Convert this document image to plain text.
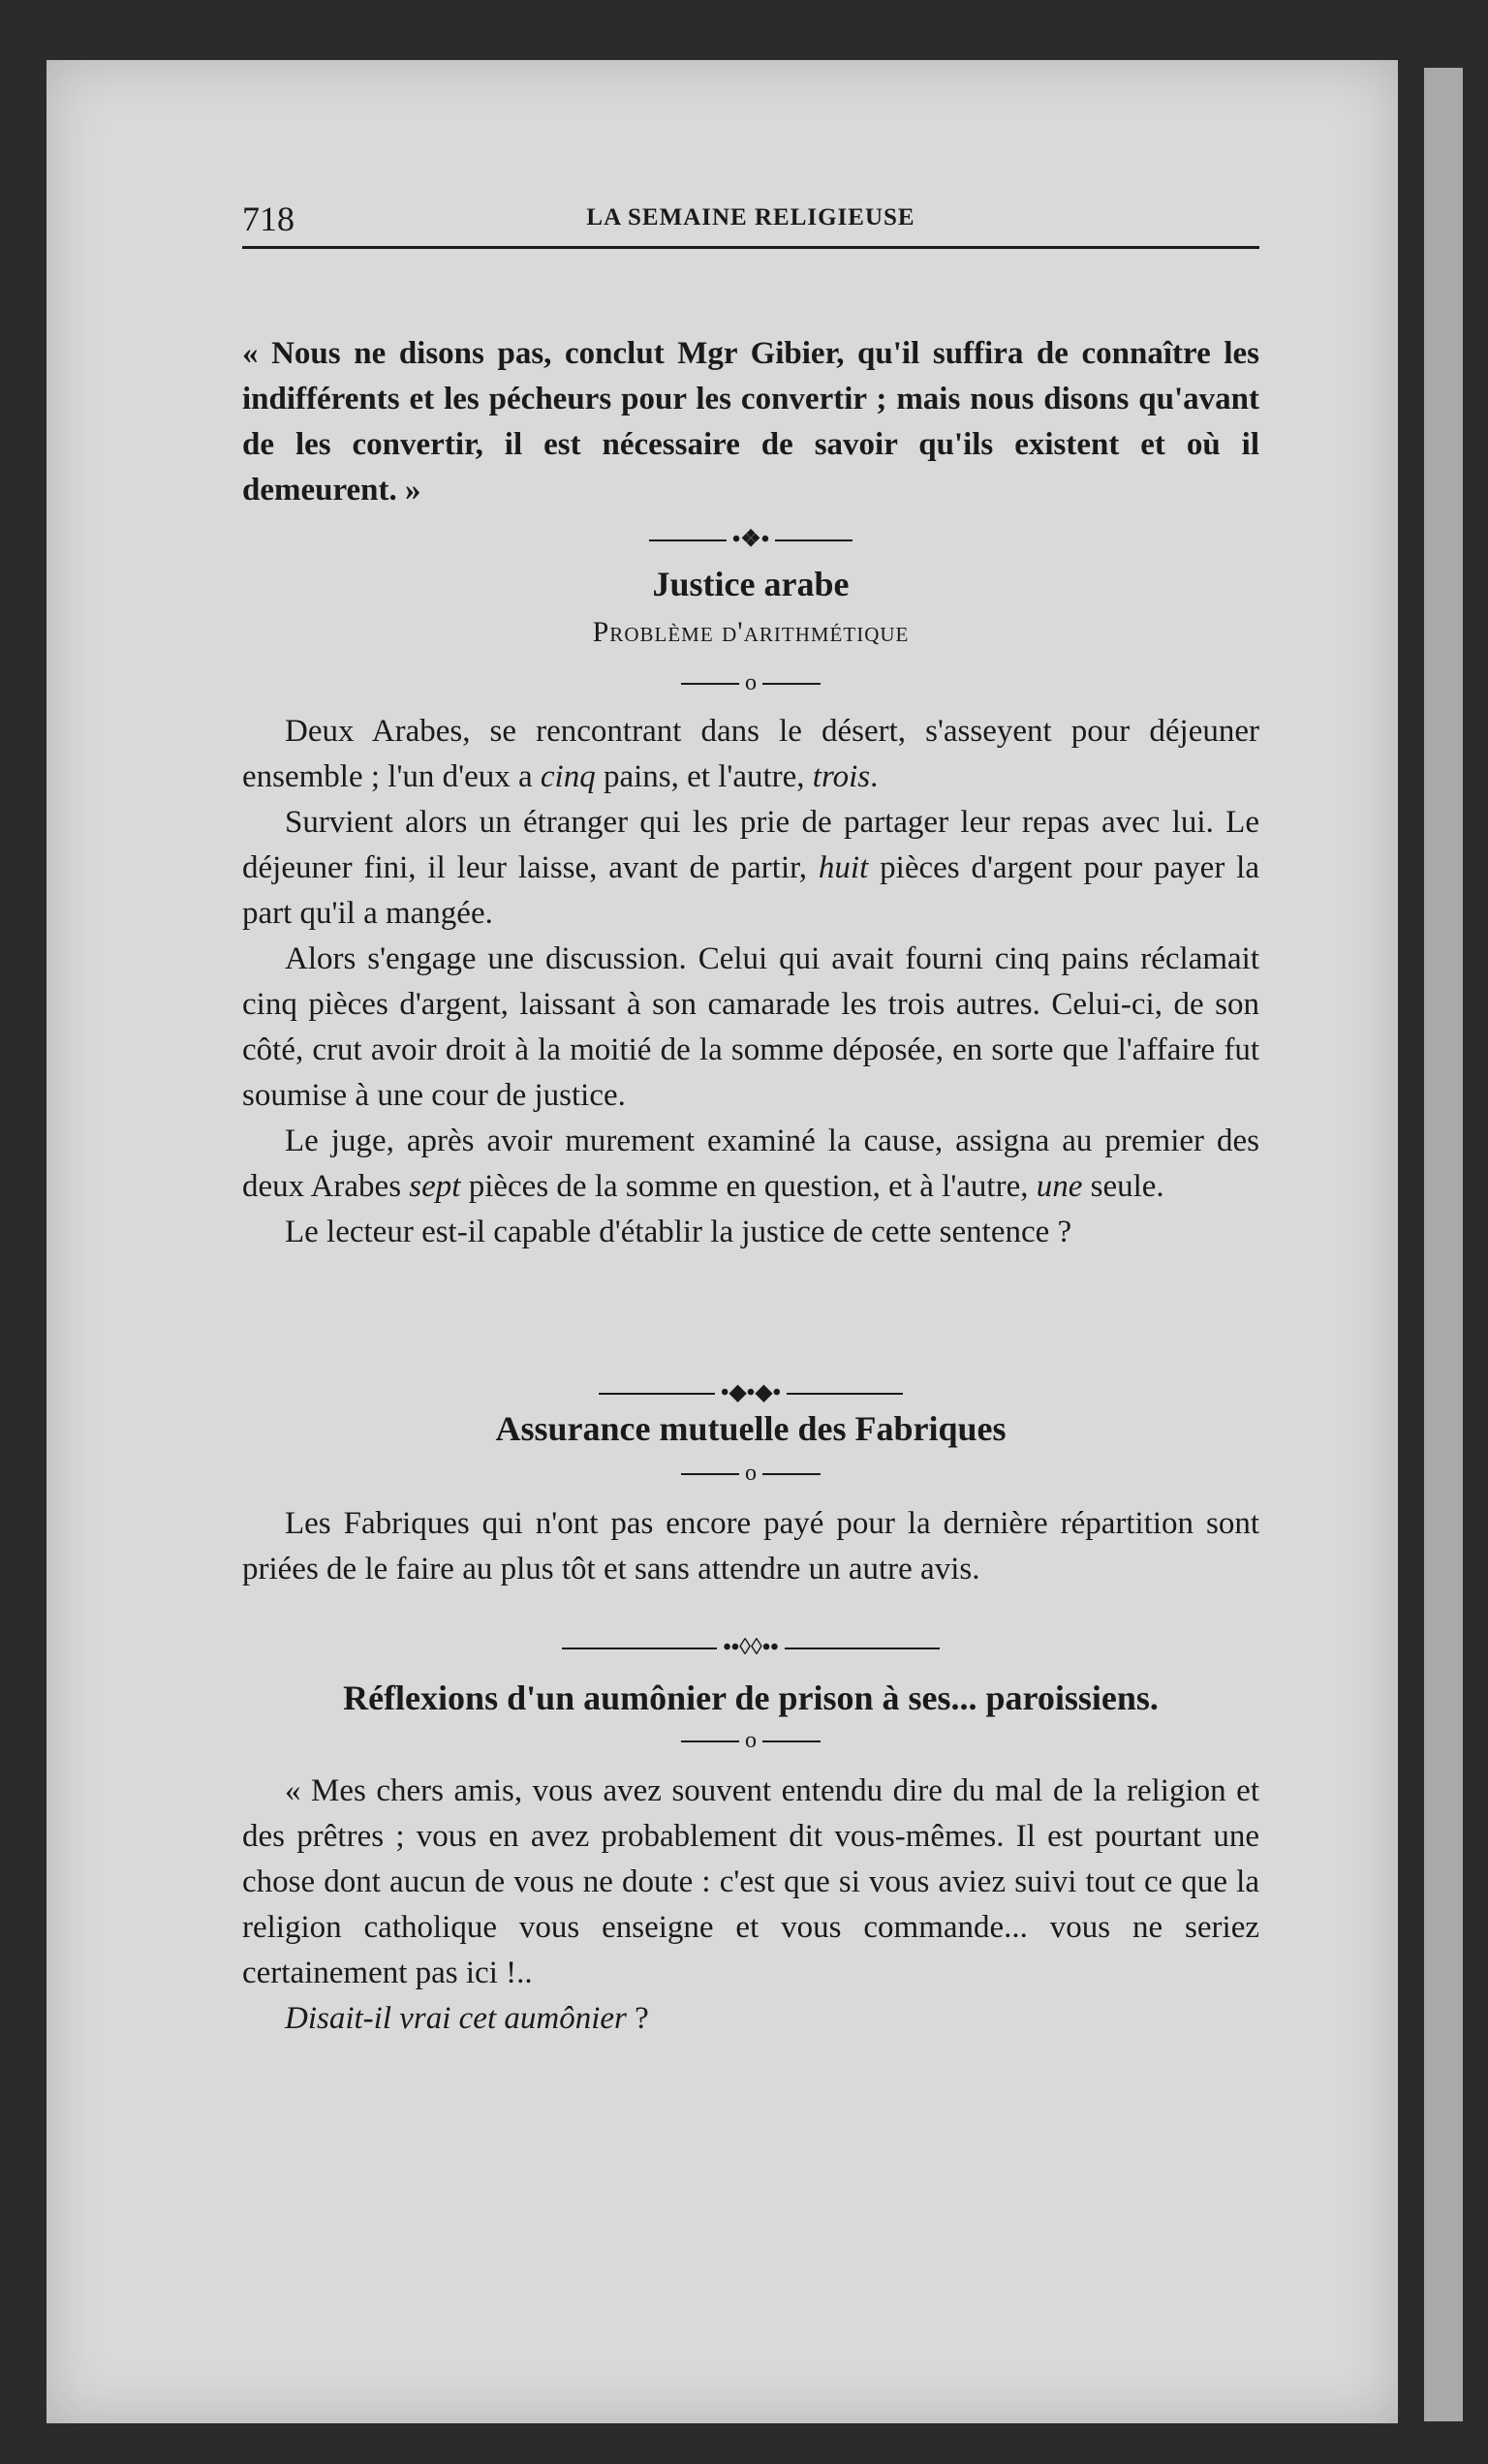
718	LA SEMAINE RELIGIEUSE

« Nous ne disons pas, conclut Mgr Gibier, qu'il suffira de connaître les indifférents et les pécheurs pour les convertir ; mais nous disons qu'avant de les convertir, il est nécessaire de savoir qu'ils existent et où il demeurent. »

•❖•
Justice arabe
Problème d'arithmétique
o

Deux Arabes, se rencontrant dans le désert, s'asseyent pour déjeuner ensemble ; l'un d'eux a cinq pains, et l'autre, trois.

Survient alors un étranger qui les prie de partager leur repas avec lui. Le déjeuner fini, il leur laisse, avant de partir, huit pièces d'argent pour payer la part qu'il a mangée.

Alors s'engage une discussion. Celui qui avait fourni cinq pains réclamait cinq pièces d'argent, laissant à son camarade les trois autres. Celui-ci, de son côté, crut avoir droit à la moitié de la somme déposée, en sorte que l'affaire fut soumise à une cour de justice.

Le juge, après avoir murement examiné la cause, assigna au premier des deux Arabes sept pièces de la somme en question, et à l'autre, une seule.

Le lecteur est-il capable d'établir la justice de cette sentence ?

•◆•◆•
Assurance mutuelle des Fabriques
o

Les Fabriques qui n'ont pas encore payé pour la dernière répartition sont priées de le faire au plus tôt et sans attendre un autre avis.

••◊◊••
Réflexions d'un aumônier de prison à ses... paroissiens.
o

« Mes chers amis, vous avez souvent entendu dire du mal de la religion et des prêtres ; vous en avez probablement dit vous-mêmes. Il est pourtant une chose dont aucun de vous ne doute : c'est que si vous aviez suivi tout ce que la religion catholique vous enseigne et vous commande... vous ne seriez certainement pas ici !..

Disait-il vrai cet aumônier ?
